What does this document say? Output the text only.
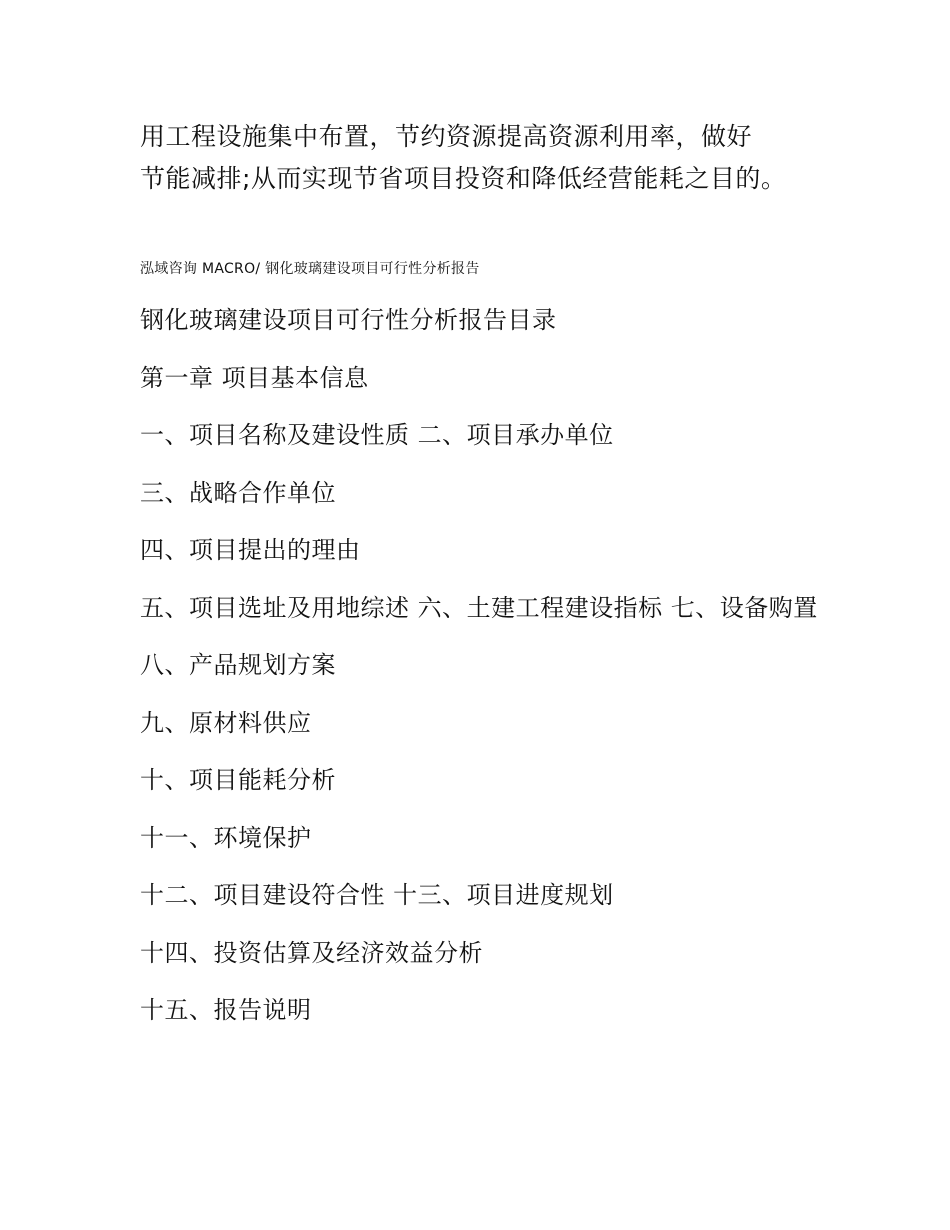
用工程设施集中布置，节约资源提高资源利用率，做好

节能减排;从而实现节省项目投资和降低经营能耗之目的。

泓域咨询 MACRO/ 钢化玻璃建设项目可行性分析报告
钢化玻璃建设项目可行性分析报告目录
第一章 项目基本信息
一、项目名称及建设性质 二、项目承办单位
三、战略合作单位
四、项目提出的理由
五、项目选址及用地综述 六、土建工程建设指标 七、设备购置
八、产品规划方案
九、原材料供应
十、项目能耗分析
十一、环境保护
十二、项目建设符合性 十三、项目进度规划
十四、投资估算及经济效益分析
十五、报告说明
